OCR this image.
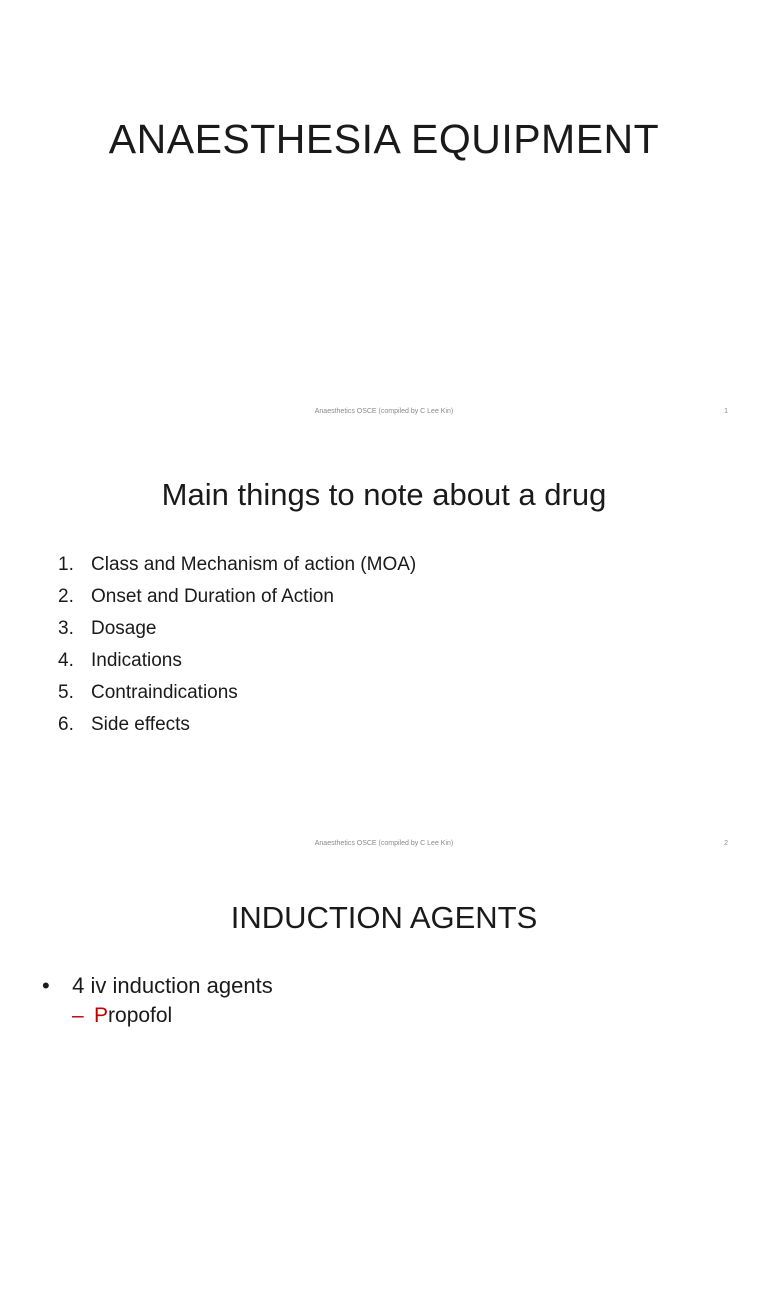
ANAESTHESIA EQUIPMENT
Anaesthetics OSCE (compiled by C Lee Kin)	1
Main things to note about a drug
1. Class and Mechanism of action (MOA)
2. Onset and Duration of Action
3. Dosage
4. Indications
5. Contraindications
6. Side effects
Anaesthetics OSCE (compiled by C Lee Kin)	2
INDUCTION AGENTS
• 4 iv induction agents
– Propofol
